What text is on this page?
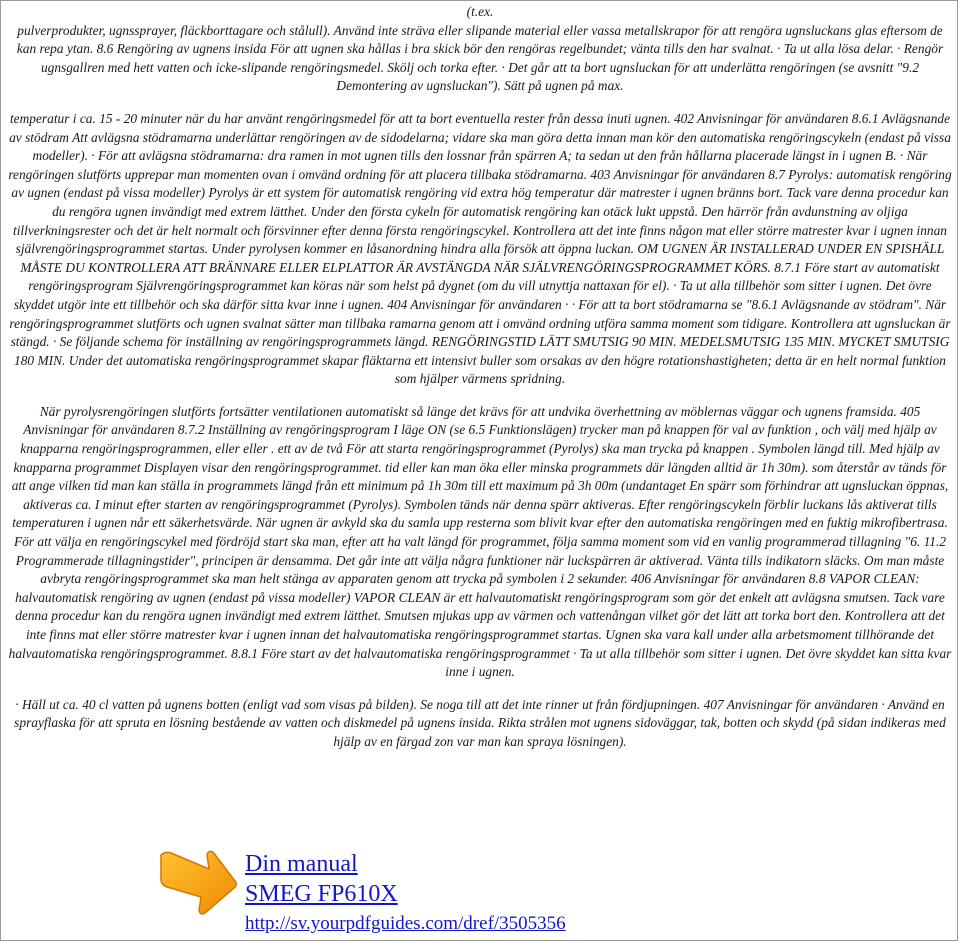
(t.ex.

pulverprodukter, ugnssprayer, fläckborttagare och stålull). Använd inte sträva eller slipande material eller vassa metallskrapor för att rengöra ugnsluckans glas eftersom de kan repa ytan. 8.6 Rengöring av ugnens insida För att ugnen ska hållas i bra skick bör den rengöras regelbundet; vänta tills den har svalnat. · Ta ut alla lösa delar. · Rengör ugnsgallren med hett vatten och icke-slipande rengöringsmedel. Skölj och torka efter. · Det går att ta bort ugnsluckan för att underlätta rengöringen (se avsnitt "9.2 Demontering av ugnsluckan"). Sätt på ugnen på max.

temperatur i ca. 15 - 20 minuter när du har använt rengöringsmedel för att ta bort eventuella rester från dessa inuti ugnen. 402 Anvisningar för användaren 8.6.1 Avlägsnande av stödram Att avlägsna stödramarna underlättar rengöringen av de sidodelarna; vidare ska man göra detta innan man kör den automatiska rengöringscykeln (endast på vissa modeller). · För att avlägsna stödramarna: dra ramen in mot ugnen tills den lossnar från spärren A; ta sedan ut den från hållarna placerade längst in i ugnen B. · När rengöringen slutförts upprepar man momenten ovan i omvänd ordning för att placera tillbaka stödramarna. 403 Anvisningar för användaren 8.7 Pyrolys: automatisk rengöring av ugnen (endast på vissa modeller) Pyrolys är ett system för automatisk rengöring vid extra hög temperatur där matrester i ugnen bränns bort. Tack vare denna procedur kan du rengöra ugnen invändigt med extrem lätthet. Under den första cykeln för automatisk rengöring kan otäck lukt uppstå. Den härrör från avdunstning av oljiga tillverkningsrester och det är helt normalt och försvinner efter denna första rengöringscykel. Kontrollera att det inte finns någon mat eller större matrester kvar i ugnen innan självrengöringsprogrammet startas. Under pyrolysen kommer en låsanordning hindra alla försök att öppna luckan. OM UGNEN ÄR INSTALLERAD UNDER EN SPISHÄLL MÅSTE DU KONTROLLERA ATT BRÄNNARE ELLER ELPLATTOR ÄR AVSTÄNGDA NÄR SJÄLVRENGÖRINGSPROGRAMMET KÖRS. 8.7.1 Före start av automatiskt rengöringsprogram Självrengöringsprogrammet kan köras när som helst på dygnet (om du vill utnyttja nattaxan för el). · Ta ut alla tillbehör som sitter i ugnen. Det övre skyddet utgör inte ett tillbehör och ska därför sitta kvar inne i ugnen. 404 Anvisningar för användaren · · För att ta bort stödramarna se "8.6.1 Avlägsnande av stödram". När rengöringsprogrammet slutförts och ugnen svalnat sätter man tillbaka ramarna genom att i omvänd ordning utföra samma moment som tidigare. Kontrollera att ugnsluckan är stängd. · Se följande schema för inställning av rengöringsprogrammets längd. RENGÖRINGSTID LÄTT SMUTSIG 90 MIN. MEDELSMUTSIG 135 MIN. MYCKET SMUTSIG 180 MIN. Under det automatiska rengöringsprogrammet skapar fläktarna ett intensivt buller som orsakas av den högre rotationshastigheten; detta är en helt normal funktion som hjälper värmens spridning.

När pyrolysrengöringen slutförts fortsätter ventilationen automatiskt så länge det krävs för att undvika överhettning av möblernas väggar och ugnens framsida. 405 Anvisningar för användaren 8.7.2 Inställning av rengöringsprogram I läge ON (se 6.5 Funktionslägen) trycker man på knappen för val av funktion , och välj med hjälp av knapparna rengöringsprogrammen, eller eller . ett av de två För att starta rengöringsprogrammet (Pyrolys) ska man trycka på knappen . Symbolen längd till. Med hjälp av knapparna programmet Displayen visar den rengöringsprogrammet. tid eller kan man öka eller minska programmets där längden alltid är 1h 30m). som återstår av tänds för att ange vilken tid man kan ställa in programmets längd från ett minimum på 1h 30m till ett maximum på 3h 00m (undantaget En spärr som förhindrar att ugnsluckan öppnas, aktiveras ca. I minut efter starten av rengöringsprogrammet (Pyrolys). Symbolen tänds när denna spärr aktiveras. Efter rengöringscykeln förblir luckans lås aktiverat tills temperaturen i ugnen når ett säkerhetsvärde. När ugnen är avkyld ska du samla upp resterna som blivit kvar efter den automatiska rengöringen med en fuktig mikrofibertrasa. För att välja en rengöringscykel med fördröjd start ska man, efter att ha valt längd för programmet, följa samma moment som vid en vanlig programmerad tillagning "6. 11.2 Programmerade tillagningstider", principen är densamma. Det går inte att välja några funktioner när luckspärren är aktiverad. Vänta tills indikatorn släcks. Om man måste avbryta rengöringsprogrammet ska man helt stänga av apparaten genom att trycka på symbolen i 2 sekunder. 406 Anvisningar för användaren 8.8 VAPOR CLEAN: halvautomatisk rengöring av ugnen (endast på vissa modeller) VAPOR CLEAN är ett halvautomatiskt rengöringsprogram som gör det enkelt att avlägsna smutsen. Tack vare denna procedur kan du rengöra ugnen invändigt med extrem lätthet. Smutsen mjukas upp av värmen och vattenångan vilket gör det lätt att torka bort den. Kontrollera att det inte finns mat eller större matrester kvar i ugnen innan det halvautomatiska rengöringsprogrammet startas. Ugnen ska vara kall under alla arbetsmoment tillhörande det halvautomatiska rengöringsprogrammet. 8.8.1 Före start av det halvautomatiska rengöringsprogrammet · Ta ut alla tillbehör som sitter i ugnen. Det övre skyddet kan sitta kvar inne i ugnen.

· Häll ut ca. 40 cl vatten på ugnens botten (enligt vad som visas på bilden). Se noga till att det inte rinner ut från fördjupningen. 407 Anvisningar för användaren · Använd en sprayflaska för att spruta en lösning bestående av vatten och diskmedel på ugnens insida. Rikta strålen mot ugnens sidoväggar, tak, botten och skydd (på sidan indikeras med hjälp av en färgad zon var man kan spraya lösningen).

Din manual
SMEG FP610X
http://sv.yourpdfguides.com/dref/3505356
